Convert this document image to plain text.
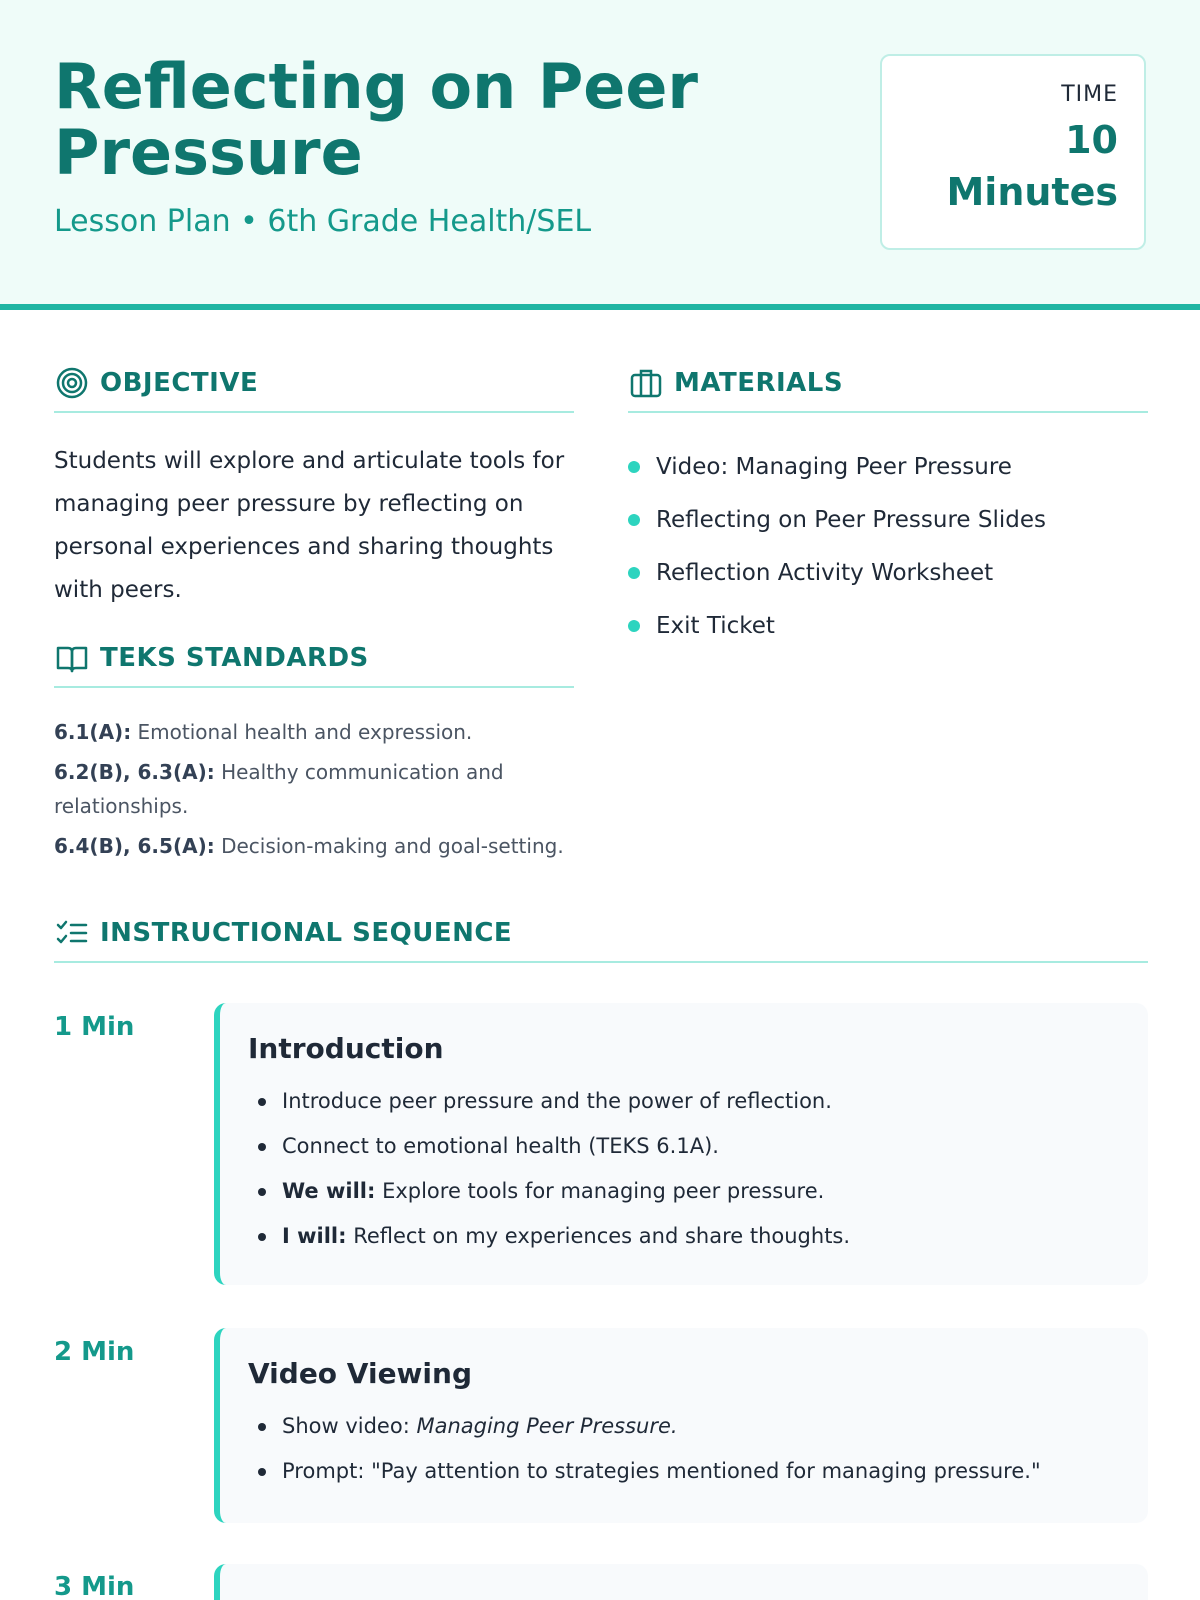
Reflecting on Peer Pressure
Lesson Plan • 6th Grade Health/SEL
TIME
10
Minutes
OBJECTIVE
Students will explore and articulate tools for managing peer pressure by reflecting on personal experiences and sharing thoughts with peers.
MATERIALS
Video: Managing Peer Pressure
Reflecting on Peer Pressure Slides
Reflection Activity Worksheet
Exit Ticket
TEKS STANDARDS
6.1(A): Emotional health and expression.
6.2(B), 6.3(A): Healthy communication and relationships.
6.4(B), 6.5(A): Decision-making and goal-setting.
INSTRUCTIONAL SEQUENCE
1 Min
Introduction
Introduce peer pressure and the power of reflection.
Connect to emotional health (TEKS 6.1A).
We will: Explore tools for managing peer pressure.
I will: Reflect on my experiences and share thoughts.
2 Min
Video Viewing
Show video: Managing Peer Pressure.
Prompt: "Pay attention to strategies mentioned for managing pressure."
3 Min
